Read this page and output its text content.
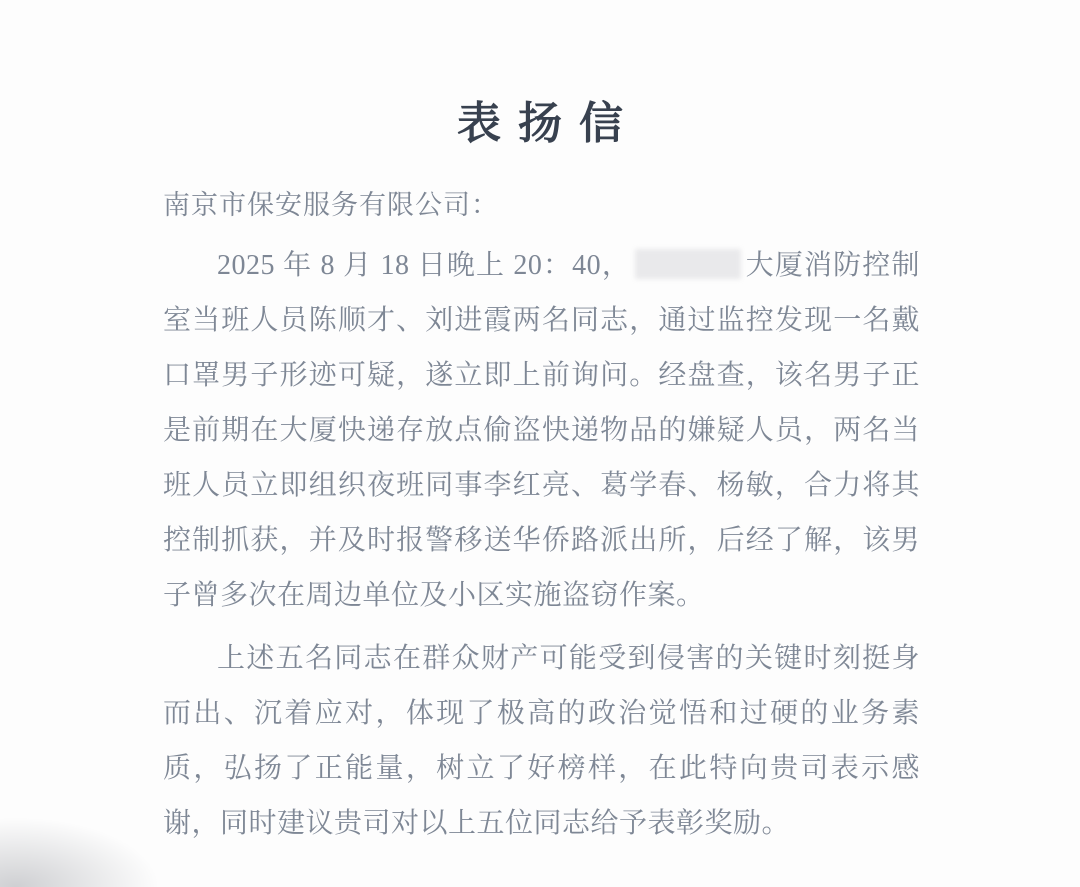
表 扬 信

南京市保安服务有限公司：

2025 年 8 月 18 日晚上 20：40，	大厦消防控制室当班人员陈顺才、刘进霞两名同志，通过监控发现一名戴口罩男子形迹可疑，遂立即上前询问。经盘查，该名男子正是前期在大厦快递存放点偷盗快递物品的嫌疑人员，两名当班人员立即组织夜班同事李红亮、葛学春、杨敏，合力将其控制抓获，并及时报警移送华侨路派出所，后经了解，该男子曾多次在周边单位及小区实施盗窃作案。

上述五名同志在群众财产可能受到侵害的关键时刻挺身而出、沉着应对，体现了极高的政治觉悟和过硬的业务素质，弘扬了正能量，树立了好榜样，在此特向贵司表示感谢，同时建议贵司对以上五位同志给予表彰奖励。
